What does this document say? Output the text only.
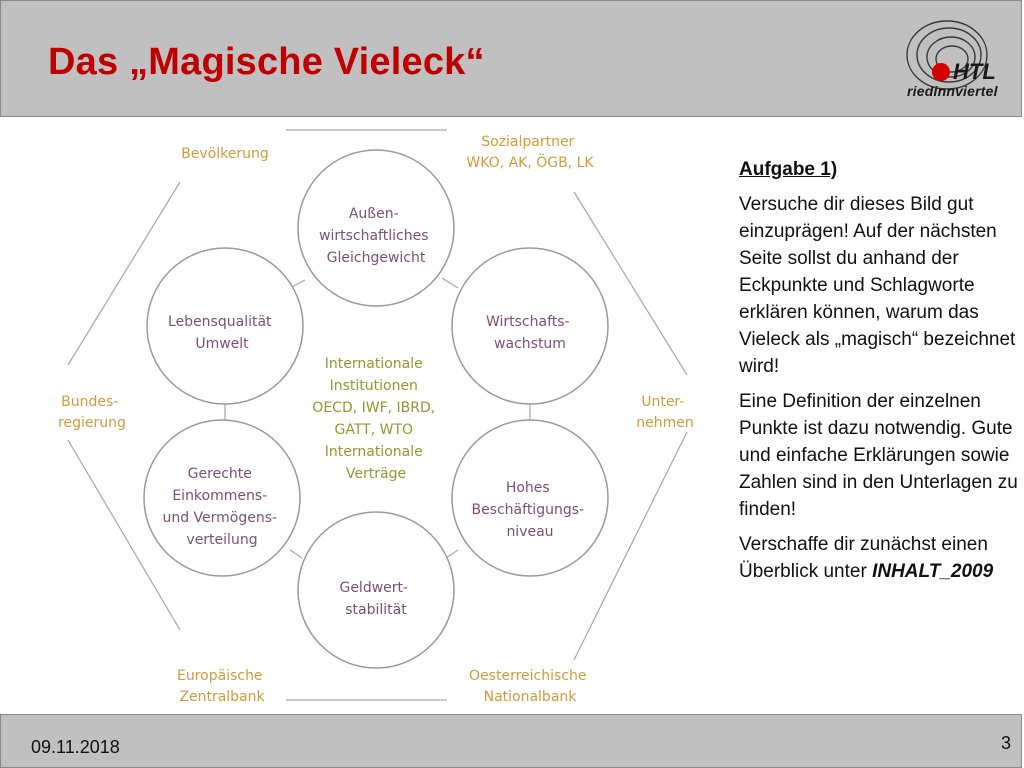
Das „Magische Vieleck“	HTL
riedinnviertel
Bevölkerung
Sozialpartner WKO, AK, ÖGB, LK
Bundes- regierung
Unter- nehmen
Europäische Zentralbank
Oesterreichische Nationalbank
Außen- wirtschaftliches Gleichgewicht
Lebensqualität Umwelt
Wirtschafts- wachstum
Gerechte Einkommens- und Vermögens- verteilung
Hohes Beschäftigungs- niveau
Geldwert- stabilität
Internationale Institutionen OECD, IWF, IBRD, GATT, WTO Internationale Verträge

Aufgabe 1)

Versuche dir dieses Bild gut einzuprägen! Auf der nächsten Seite sollst du anhand der Eckpunkte und Schlagworte erklären können, warum das Vieleck als „magisch“ bezeichnet wird!

Eine Definition der einzelnen Punkte ist dazu notwendig. Gute und einfache Erklärungen sowie Zahlen sind in den Unterlagen zu finden!

Verschaffe dir zunächst einen Überblick unter INHALT_2009

09.11.2018	3
